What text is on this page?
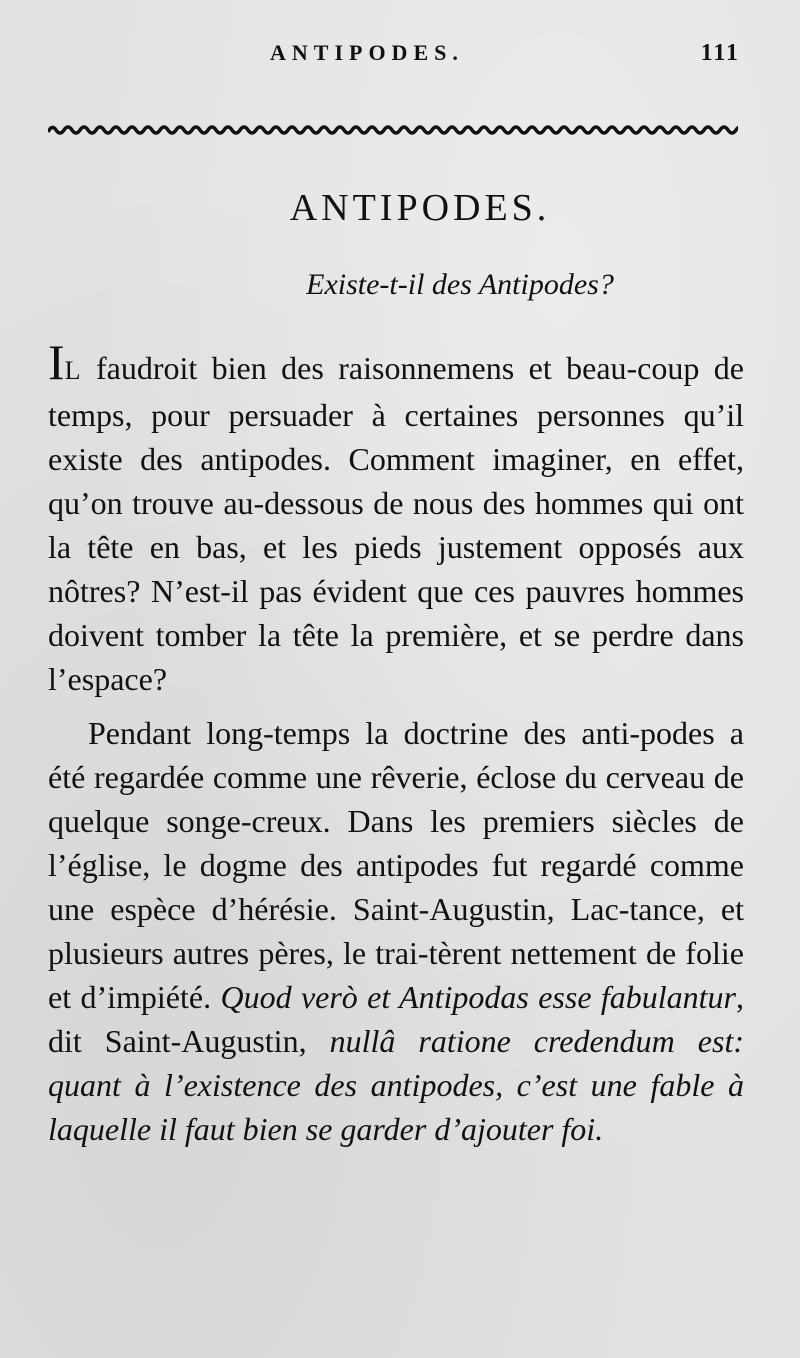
ANTIPODES.	111
ANTIPODES.
Existe-t-il des Antipodes?

IL faudroit bien des raisonnemens et beau-coup de temps, pour persuader à certaines personnes qu’il existe des antipodes. Comment imaginer, en effet, qu’on trouve au-dessous de nous des hommes qui ont la tête en bas, et les pieds justement opposés aux nôtres? N’est-il pas évident que ces pauvres hommes doivent tomber la tête la première, et se perdre dans l’espace?

Pendant long-temps la doctrine des anti-podes a été regardée comme une rêverie, éclose du cerveau de quelque songe-creux. Dans les premiers siècles de l’église, le dogme des antipodes fut regardé comme une espèce d’hérésie. Saint-Augustin, Lac-tance, et plusieurs autres pères, le trai-tèrent nettement de folie et d’impiété. Quod verò et Antipodas esse fabulantur, dit Saint-Augustin, nullâ ratione credendum est: quant à l’existence des antipodes, c’est une fable à laquelle il faut bien se garder d’ajouter foi.
